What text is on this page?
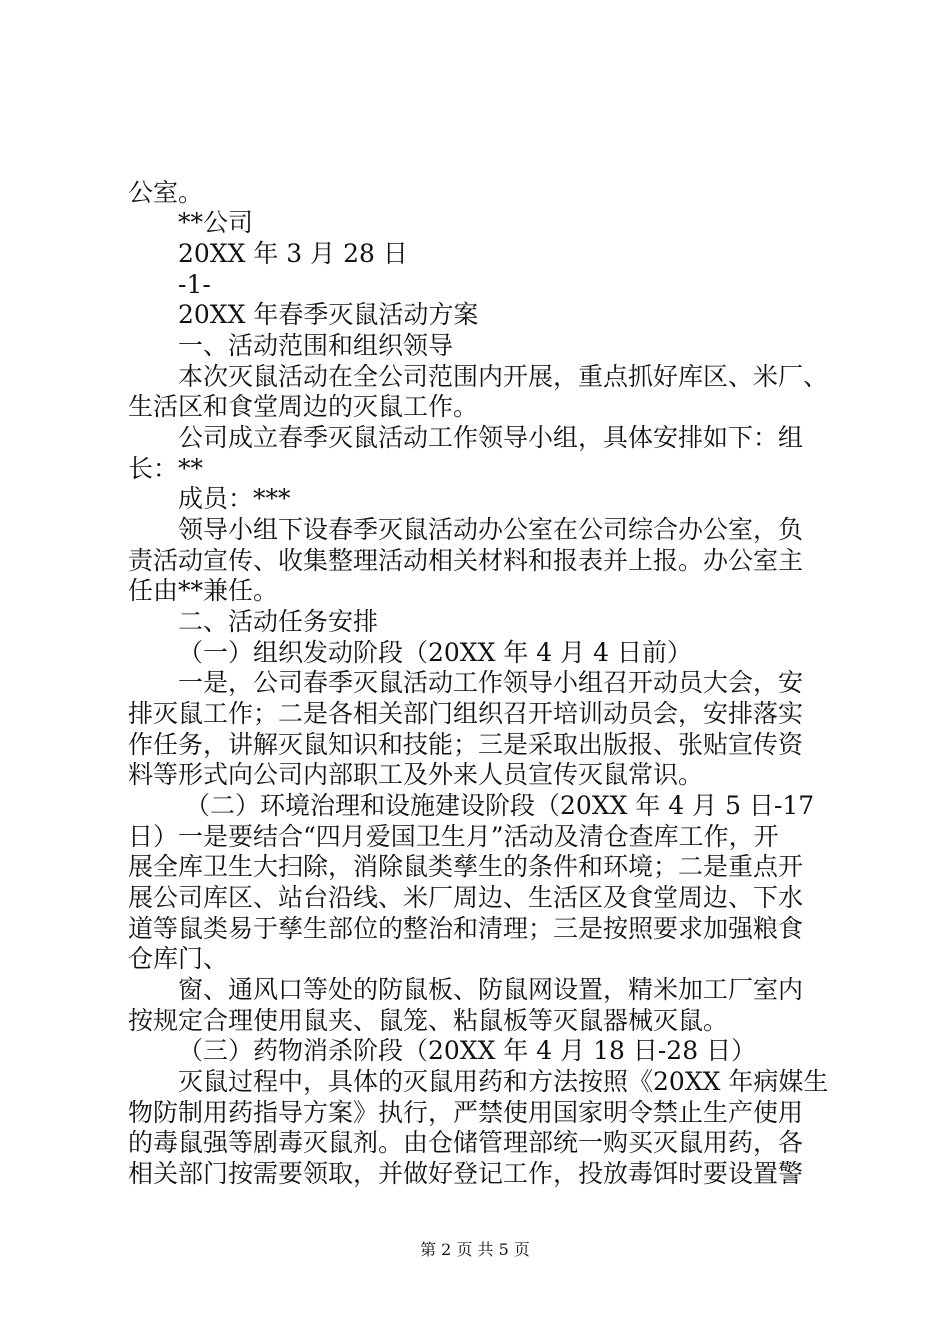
公室。
**公司
20XX 年 3 月 28 日
-1-
20XX 年春季灭鼠活动方案
一、活动范围和组织领导
本次灭鼠活动在全公司范围内开展，重点抓好库区、米厂、
生活区和食堂周边的灭鼠工作。
公司成立春季灭鼠活动工作领导小组，具体安排如下：组
长：**
成员：***
领导小组下设春季灭鼠活动办公室在公司综合办公室，负
责活动宣传、收集整理活动相关材料和报表并上报。办公室主
任由**兼任。
二、活动任务安排
（一）组织发动阶段（20XX 年 4 月 4 日前）
一是，公司春季灭鼠活动工作领导小组召开动员大会，安
排灭鼠工作；二是各相关部门组织召开培训动员会，安排落实
作任务，讲解灭鼠知识和技能；三是采取出版报、张贴宣传资
料等形式向公司内部职工及外来人员宣传灭鼠常识。
（二）环境治理和设施建设阶段（20XX 年 4 月 5 日-17
日）一是要结合“四月爱国卫生月”活动及清仓查库工作，开
展全库卫生大扫除，消除鼠类孳生的条件和环境；二是重点开
展公司库区、站台沿线、米厂周边、生活区及食堂周边、下水
道等鼠类易于孳生部位的整治和清理；三是按照要求加强粮食
仓库门、
窗、通风口等处的防鼠板、防鼠网设置，精米加工厂室内
按规定合理使用鼠夹、鼠笼、粘鼠板等灭鼠器械灭鼠。
（三）药物消杀阶段（20XX 年 4 月 18 日-28 日）
灭鼠过程中，具体的灭鼠用药和方法按照《20XX 年病媒生
物防制用药指导方案》执行，严禁使用国家明令禁止生产使用
的毒鼠强等剧毒灭鼠剂。由仓储管理部统一购买灭鼠用药，各
相关部门按需要领取，并做好登记工作，投放毒饵时要设置警
第 2 页 共 5 页
